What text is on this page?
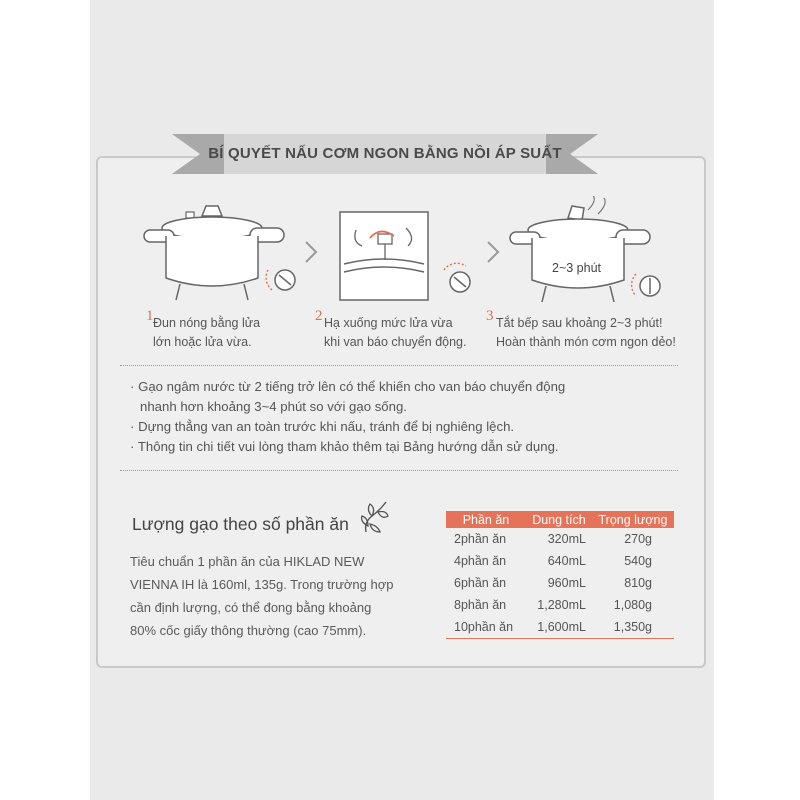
BÍ QUYẾT NẤU CƠM NGON BẰNG NỒI ÁP SUẤT
2~3 phút
1 Đun nóng bằng lửa
lớn hoặc lửa vừa.
2 Hạ xuống mức lửa vừa
khi van báo chuyển động.
3 Tắt bếp sau khoảng 2~3 phút!
Hoàn thành món cơm ngon dẻo!
· Gạo ngâm nước từ 2 tiếng trở lên có thể khiến cho van báo chuyển động
nhanh hơn khoảng 3~4 phút so với gạo sống.
· Dựng thẳng van an toàn trước khi nấu, tránh để bị nghiêng lệch.
· Thông tin chi tiết vui lòng tham khảo thêm tại Bảng hướng dẫn sử dụng.
Lượng gạo theo số phần ăn
Tiêu chuẩn 1 phần ăn của HIKLAD NEW
VIENNA IH là 160ml, 135g. Trong trường hợp
cần định lượng, có thể đong bằng khoảng
80% cốc giấy thông thường (cao 75mm).
Phần ăn	Dung tích	Trọng lượng
2phần ăn	320mL	270g
4phần ăn	640mL	540g
6phần ăn	960mL	810g
8phần ăn	1,280mL	1,080g
10phần ăn	1,600mL	1,350g
